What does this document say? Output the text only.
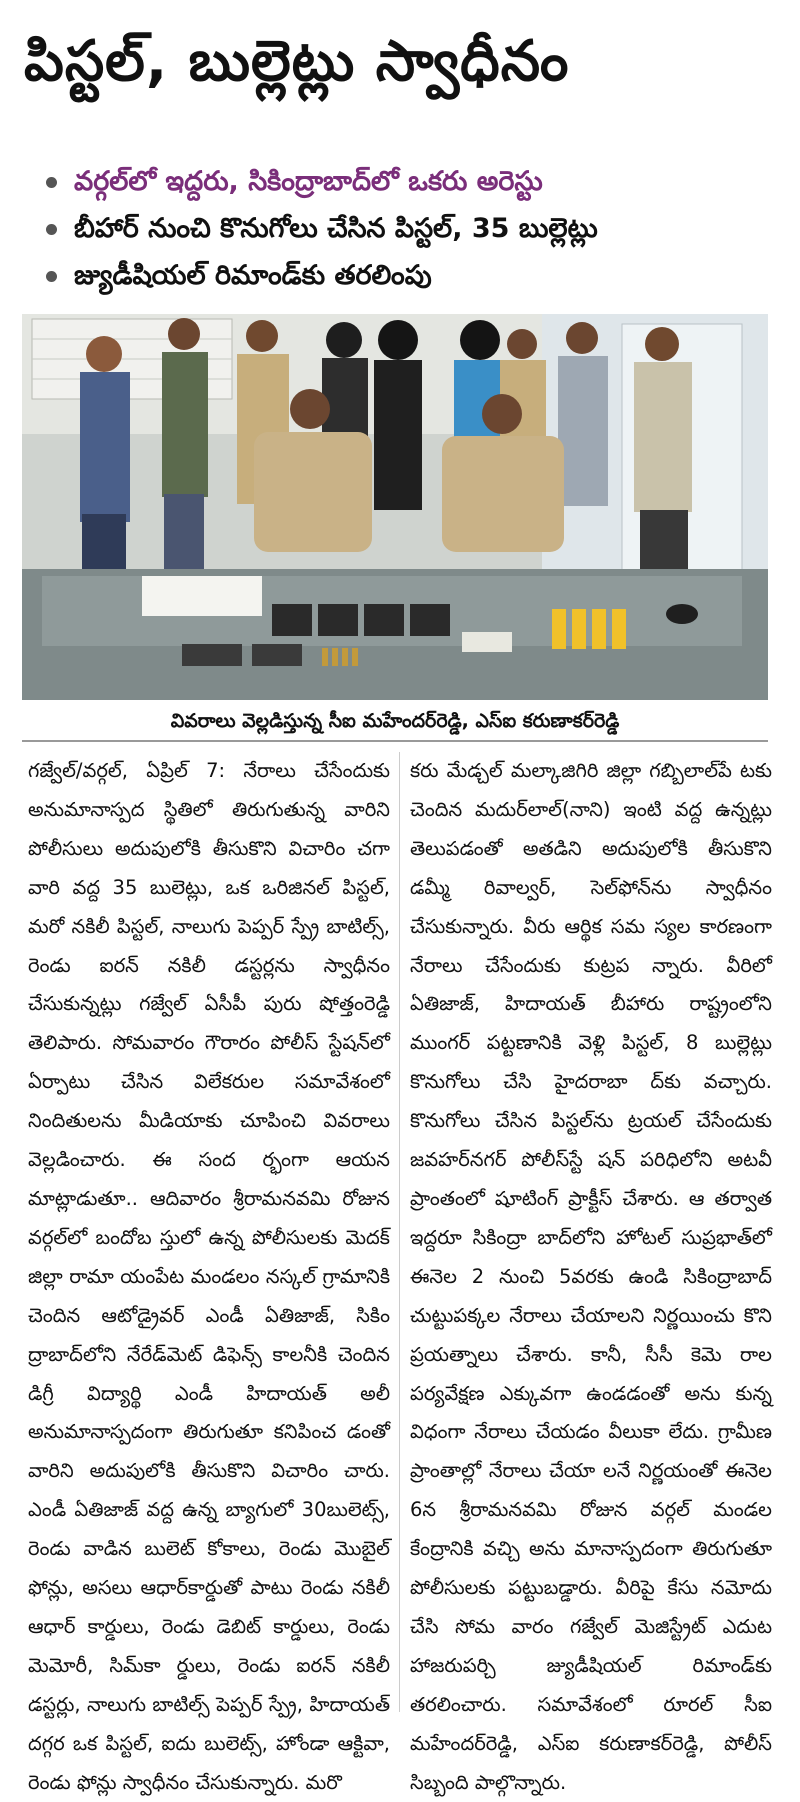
పిస్టల్, బుల్లెట్లు స్వాధీనం
వర్గల్‌లో ఇద్దరు, సికింద్రాబాద్‌లో ఒకరు అరెస్టు
బీహార్ నుంచి కొనుగోలు చేసిన పిస్టల్, 35 బుల్లెట్లు
జ్యుడీషియల్ రిమాండ్‌కు తరలింపు
వివరాలు వెల్లడిస్తున్న సీఐ మహేందర్‌రెడ్డి, ఎస్ఐ కరుణాకర్‌రెడ్డి

గజ్వేల్/వర్గల్, ఏప్రిల్ 7: నేరాలు చేసేందుకు అనుమానాస్పద స్థితిలో తిరుగుతున్న వారిని పోలీసులు అదుపులోకి తీసుకొని విచారిం చగా వారి వద్ద 35 బులెట్లు, ఒక ఒరిజినల్ పిస్టల్, మరో నకిలీ పిస్టల్, నాలుగు పెప్పర్ స్ప్రే బాటిల్స్, రెండు ఐరన్ నకిలీ డస్టర్లను స్వాధీనం చేసుకున్నట్లు గజ్వేల్ ఏసీపీ పురు షోత్తంరెడ్డి తెలిపారు. సోమవారం గౌరారం పోలీస్ స్టేషన్‌లో ఏర్పాటు చేసిన విలేకరుల సమావేశంలో నిందితులను మీడియాకు చూపించి వివరాలు వెల్లడించారు. ఈ సంద ర్భంగా ఆయన మాట్లాడుతూ.. ఆదివారం శ్రీరామనవమి రోజున వర్గల్‌లో బందోబ స్తులో ఉన్న పోలీసులకు మెదక్ జిల్లా రామా యంపేట మండలం నస్కల్ గ్రామానికి చెందిన ఆటోడ్రైవర్ ఎండీ ఏతిజాజ్, సికిం ద్రాబాద్‌లోని నేరేడ్‌మెట్ డిఫెన్స్ కాలనీకి చెందిన డిగ్రీ విద్యార్థి ఎండీ హిదాయత్ అలీ అనుమానాస్పదంగా తిరుగుతూ కనిపించ డంతో వారిని అదుపులోకి తీసుకొని విచారిం చారు. ఎండీ ఏతిజాజ్ వద్ద ఉన్న బ్యాగులో 30బులెట్స్, రెండు వాడిన బులెట్ కోకాలు, రెండు మొబైల్ ఫోన్లు, అసలు ఆధార్‌కార్డుతో పాటు రెండు నకిలీ ఆధార్ కార్డులు, రెండు డెబిట్ కార్డులు, రెండు మెమోరీ, సిమ్‌కా ర్డులు, రెండు ఐరన్ నకిలీ డస్టర్లు, నాలుగు బాటిల్స్ పెప్పర్ స్ప్రే, హిదాయత్ దగ్గర ఒక పిస్టల్, ఐదు బులెట్స్, హోండా ఆక్టివా, రెండు ఫోన్లు స్వాధీనం చేసుకున్నారు. మరొ

కరు మేడ్చల్ మల్కాజిగిరి జిల్లా గబ్బిలాల్‌పే టకు చెందిన మదుర్‌లాల్(నాని) ఇంటి వద్ద ఉన్నట్లు తెలుపడంతో అతడిని అదుపులోకి తీసుకొని డమ్మీ రివాల్వర్, సెల్‌ఫోన్‌ను స్వాధీనం చేసుకున్నారు. వీరు ఆర్థిక సమ స్యల కారణంగా నేరాలు చేసేందుకు కుట్రప న్నారు. వీరిలో ఏతిజాజ్, హిదాయత్ బీహారు రాష్ట్రంలోని ముంగర్ పట్టణానికి వెళ్లి పిస్టల్, 8 బుల్లెట్లు కొనుగోలు చేసి హైదరాబా ద్‌కు వచ్చారు. కొనుగోలు చేసిన పిస్టల్‌ను ట్రయల్ చేసేందుకు జవహర్‌నగర్ పోలీస్‌స్టే షన్ పరిధిలోని అటవీ ప్రాంతంలో షూటింగ్ ప్రాక్టీస్ చేశారు. ఆ తర్వాత ఇద్దరూ సికింద్రా బాద్‌లోని హోటల్ సుప్రభాత్‌లో ఈనెల 2 నుంచి 5వరకు ఉండి సికింద్రాబాద్ చుట్టుపక్కల నేరాలు చేయాలని నిర్ణయించు కొని ప్రయత్నాలు చేశారు. కానీ, సీసీ కెమె రాల పర్యవేక్షణ ఎక్కువగా ఉండడంతో అను కున్న విధంగా నేరాలు చేయడం వీలుకా లేదు. గ్రామీణ ప్రాంతాల్లో నేరాలు చేయా లనే నిర్ణయంతో ఈనెల 6న శ్రీరామనవమి రోజున వర్గల్ మండల కేంద్రానికి వచ్చి అను మానాస్పదంగా తిరుగుతూ పోలీసులకు పట్టుబడ్డారు. వీరిపై కేసు నమోదు చేసి సోమ వారం గజ్వేల్ మెజిస్ట్రేట్ ఎదుట హాజరుపర్చి జ్యుడీషియల్ రిమాండ్‌కు తరలించారు. సమావేశంలో రూరల్ సీఐ మహేందర్‌రెడ్డి, ఎస్ఐ కరుణాకర్‌రెడ్డి, పోలీస్ సిబ్బంది పాల్గొన్నారు.
